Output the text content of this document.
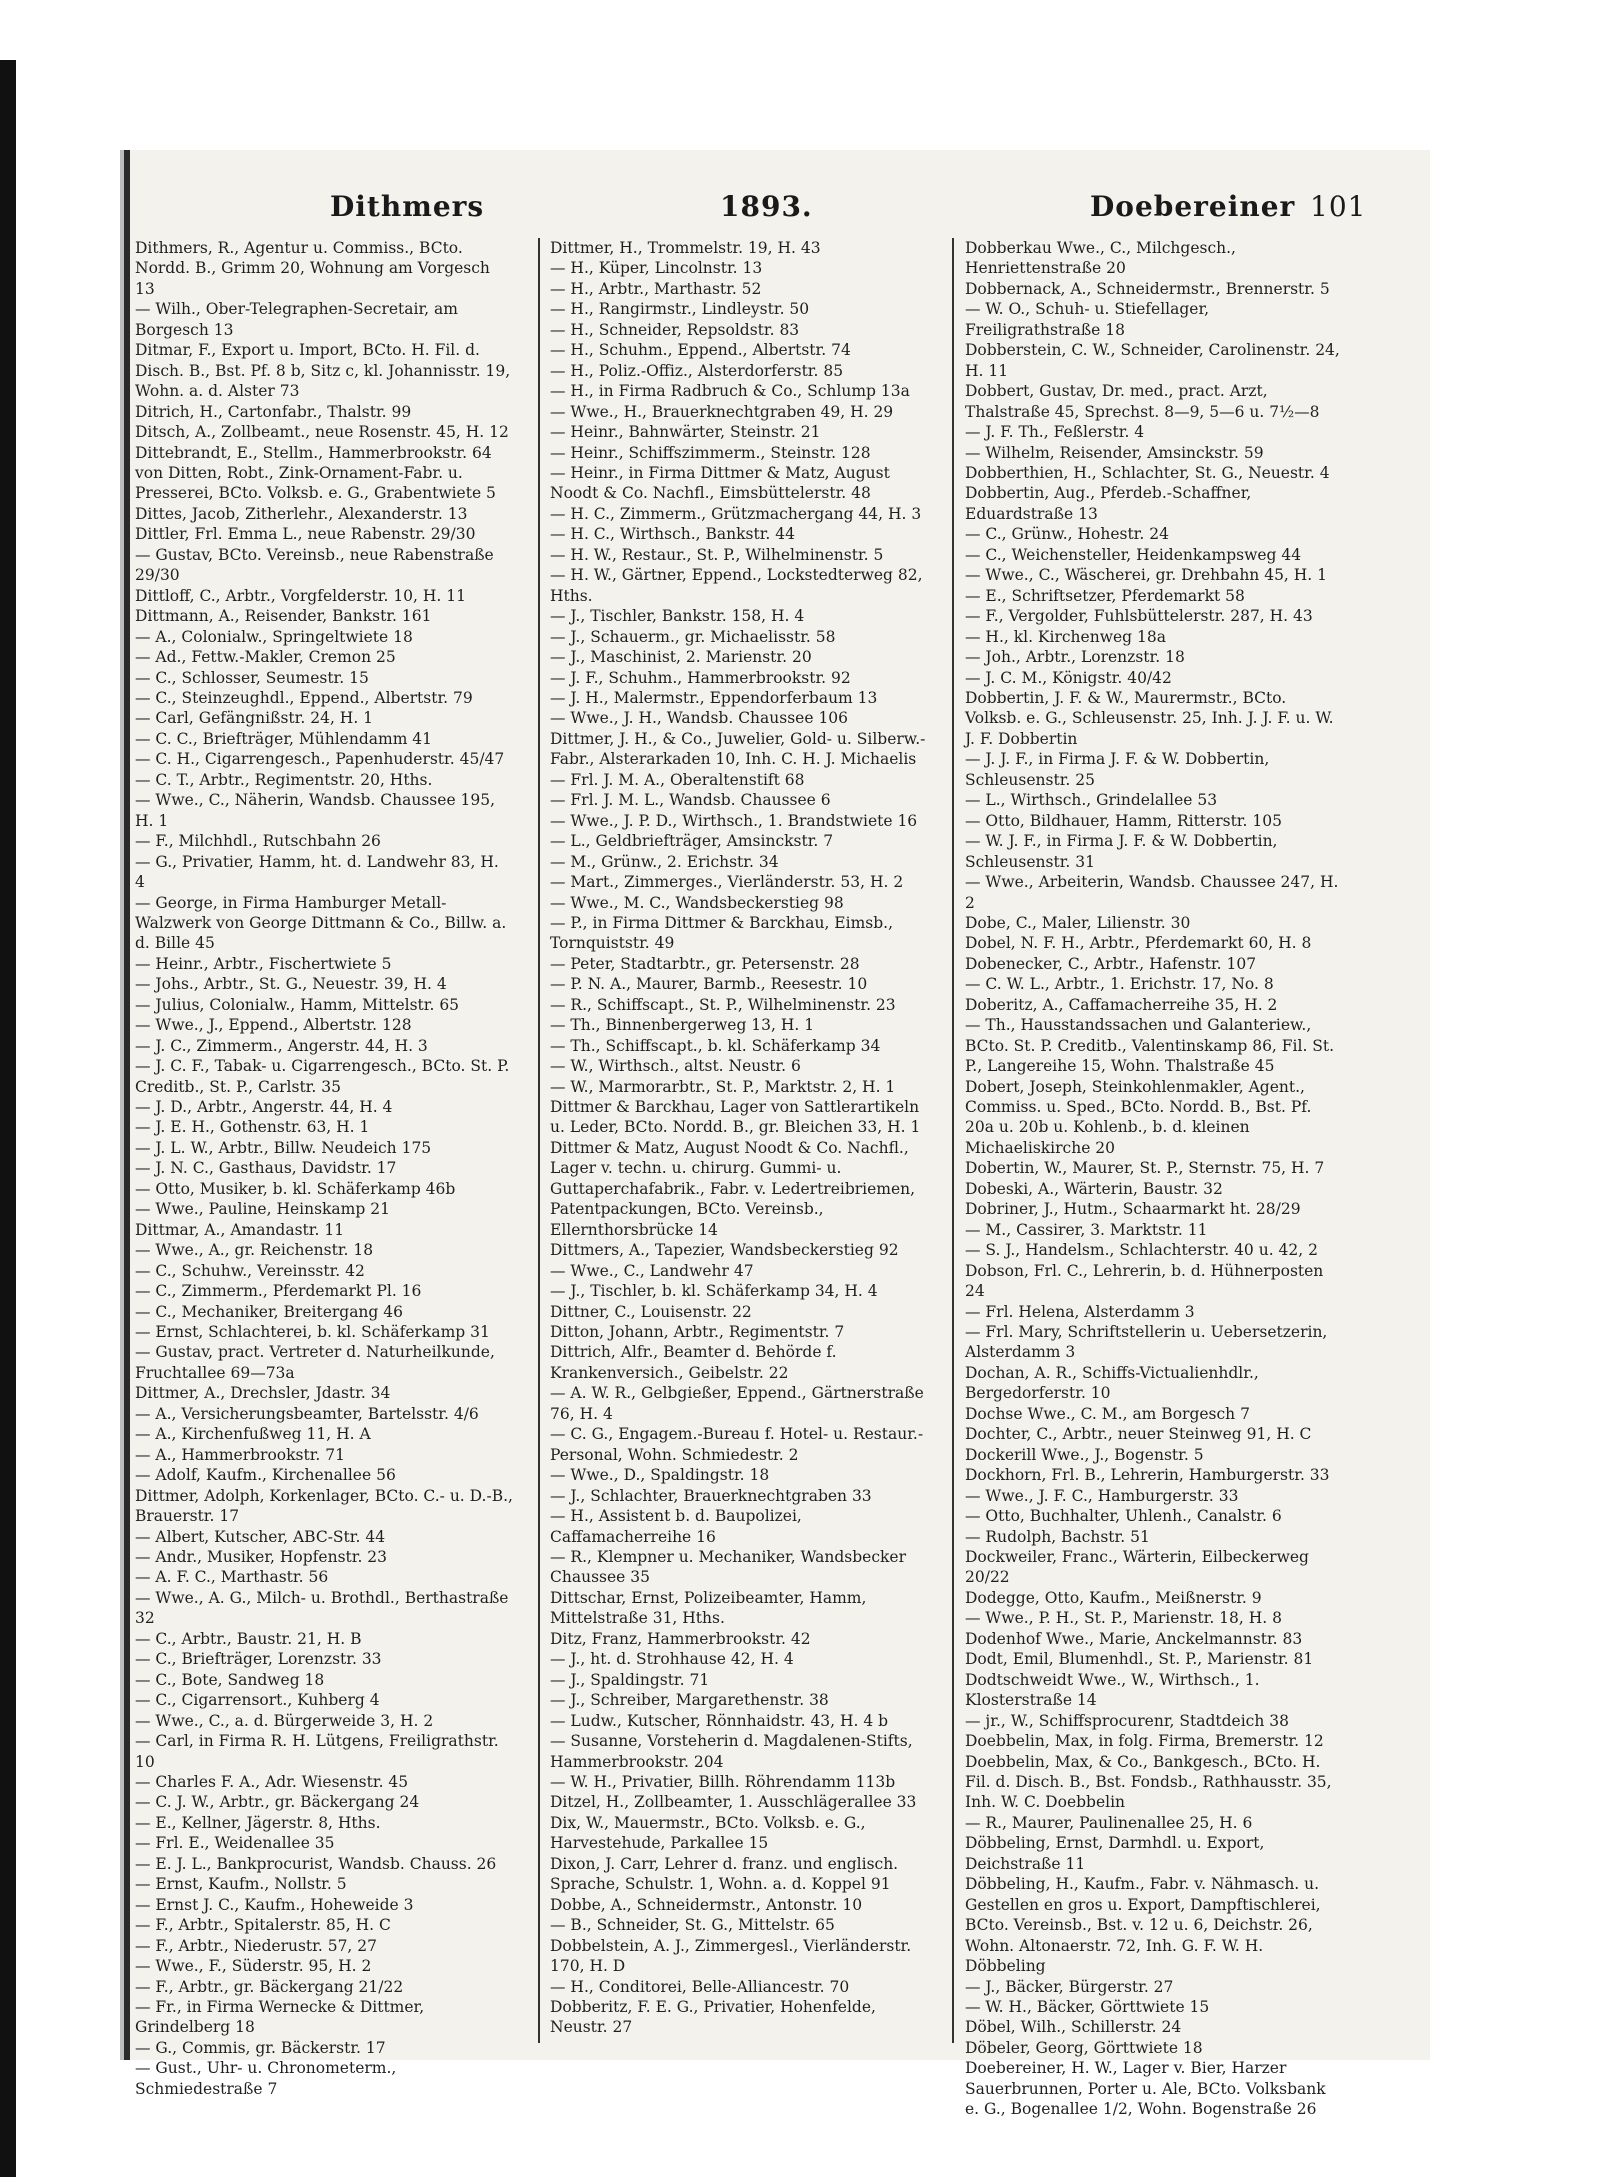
Dithmers	1893.	Doebereiner 101

Dithmers, R., Agentur u. Commiss., BCto. Nordd. B., Grimm 20, Wohnung am Vorgesch 13

— Wilh., Ober-Telegraphen-Secretair, am Borgesch 13

Ditmar, F., Export u. Import, BCto. H. Fil. d. Disch. B., Bst. Pf. 8 b, Sitz c, kl. Johannisstr. 19, Wohn. a. d. Alster 73

Ditrich, H., Cartonfabr., Thalstr. 99

Ditsch, A., Zollbeamt., neue Rosenstr. 45, H. 12

Dittebrandt, E., Stellm., Hammerbrookstr. 64

von Ditten, Robt., Zink-Ornament-Fabr. u. Presserei, BCto. Volksb. e. G., Grabentwiete 5

Dittes, Jacob, Zitherlehr., Alexanderstr. 13

Dittler, Frl. Emma L., neue Rabenstr. 29/30

— Gustav, BCto. Vereinsb., neue Rabenstraße 29/30

Dittloff, C., Arbtr., Vorgfelderstr. 10, H. 11

Dittmann, A., Reisender, Bankstr. 161

— A., Colonialw., Springeltwiete 18

— Ad., Fettw.-Makler, Cremon 25

— C., Schlosser, Seumestr. 15

— C., Steinzeughdl., Eppend., Albertstr. 79

— Carl, Gefängnißstr. 24, H. 1

— C. C., Briefträger, Mühlendamm 41

— C. H., Cigarrengesch., Papenhuderstr. 45/47

— C. T., Arbtr., Regimentstr. 20, Hths.

— Wwe., C., Näherin, Wandsb. Chaussee 195, H. 1

— F., Milchhdl., Rutschbahn 26

— G., Privatier, Hamm, ht. d. Landwehr 83, H. 4

— George, in Firma Hamburger Metall-Walzwerk von George Dittmann & Co., Billw. a. d. Bille 45

— Heinr., Arbtr., Fischertwiete 5

— Johs., Arbtr., St. G., Neuestr. 39, H. 4

— Julius, Colonialw., Hamm, Mittelstr. 65

— Wwe., J., Eppend., Albertstr. 128

— J. C., Zimmerm., Angerstr. 44, H. 3

— J. C. F., Tabak- u. Cigarrengesch., BCto. St. P. Creditb., St. P., Carlstr. 35

— J. D., Arbtr., Angerstr. 44, H. 4

— J. E. H., Gothenstr. 63, H. 1

— J. L. W., Arbtr., Billw. Neudeich 175

— J. N. C., Gasthaus, Davidstr. 17

— Otto, Musiker, b. kl. Schäferkamp 46b

— Wwe., Pauline, Heinskamp 21

Dittmar, A., Amandastr. 11

— Wwe., A., gr. Reichenstr. 18

— C., Schuhw., Vereinsstr. 42

— C., Zimmerm., Pferdemarkt Pl. 16

— C., Mechaniker, Breitergang 46

— Ernst, Schlachterei, b. kl. Schäferkamp 31

— Gustav, pract. Vertreter d. Naturheilkunde, Fruchtallee 69—73a

Dittmer, A., Drechsler, Jdastr. 34

— A., Versicherungsbeamter, Bartelsstr. 4/6

— A., Kirchenfußweg 11, H. A

— A., Hammerbrookstr. 71

— Adolf, Kaufm., Kirchenallee 56

Dittmer, Adolph, Korkenlager, BCto. C.- u. D.-B., Brauerstr. 17

— Albert, Kutscher, ABC-Str. 44

— Andr., Musiker, Hopfenstr. 23

— A. F. C., Marthastr. 56

— Wwe., A. G., Milch- u. Brothdl., Berthastraße 32

— C., Arbtr., Baustr. 21, H. B

— C., Briefträger, Lorenzstr. 33

— C., Bote, Sandweg 18

— C., Cigarrensort., Kuhberg 4

— Wwe., C., a. d. Bürgerweide 3, H. 2

— Carl, in Firma R. H. Lütgens, Freiligrathstr. 10

— Charles F. A., Adr. Wiesenstr. 45

— C. J. W., Arbtr., gr. Bäckergang 24

— E., Kellner, Jägerstr. 8, Hths.

— Frl. E., Weidenallee 35

— E. J. L., Bankprocurist, Wandsb. Chauss. 26

— Ernst, Kaufm., Nollstr. 5

— Ernst J. C., Kaufm., Hoheweide 3

— F., Arbtr., Spitalerstr. 85, H. C

— F., Arbtr., Niederustr. 57, 27

— Wwe., F., Süderstr. 95, H. 2

— F., Arbtr., gr. Bäckergang 21/22

— Fr., in Firma Wernecke & Dittmer, Grindelberg 18

— G., Commis, gr. Bäckerstr. 17

— Gust., Uhr- u. Chronometerm., Schmiedestraße 7

Dittmer, H., Trommelstr. 19, H. 43

— H., Küper, Lincolnstr. 13

— H., Arbtr., Marthastr. 52

— H., Rangirmstr., Lindleystr. 50

— H., Schneider, Repsoldstr. 83

— H., Schuhm., Eppend., Albertstr. 74

— H., Poliz.-Offiz., Alsterdorferstr. 85

— H., in Firma Radbruch & Co., Schlump 13a

— Wwe., H., Brauerknechtgraben 49, H. 29

— Heinr., Bahnwärter, Steinstr. 21

— Heinr., Schiffszimmerm., Steinstr. 128

— Heinr., in Firma Dittmer & Matz, August Noodt & Co. Nachfl., Eimsbüttelerstr. 48

— H. C., Zimmerm., Grützmachergang 44, H. 3

— H. C., Wirthsch., Bankstr. 44

— H. W., Restaur., St. P., Wilhelminenstr. 5

— H. W., Gärtner, Eppend., Lockstedterweg 82, Hths.

— J., Tischler, Bankstr. 158, H. 4

— J., Schauerm., gr. Michaelisstr. 58

— J., Maschinist, 2. Marienstr. 20

— J. F., Schuhm., Hammerbrookstr. 92

— J. H., Malermstr., Eppendorferbaum 13

— Wwe., J. H., Wandsb. Chaussee 106

Dittmer, J. H., & Co., Juwelier, Gold- u. Silberw.-Fabr., Alsterarkaden 10, Inh. C. H. J. Michaelis

— Frl. J. M. A., Oberaltenstift 68

— Frl. J. M. L., Wandsb. Chaussee 6

— Wwe., J. P. D., Wirthsch., 1. Brandstwiete 16

— L., Geldbriefträger, Amsinckstr. 7

— M., Grünw., 2. Erichstr. 34

— Mart., Zimmerges., Vierländerstr. 53, H. 2

— Wwe., M. C., Wandsbeckerstieg 98

— P., in Firma Dittmer & Barckhau, Eimsb., Tornquiststr. 49

— Peter, Stadtarbtr., gr. Petersenstr. 28

— P. N. A., Maurer, Barmb., Reesestr. 10

— R., Schiffscapt., St. P., Wilhelminenstr. 23

— Th., Binnenbergerweg 13, H. 1

— Th., Schiffscapt., b. kl. Schäferkamp 34

— W., Wirthsch., altst. Neustr. 6

— W., Marmorarbtr., St. P., Marktstr. 2, H. 1

Dittmer & Barckhau, Lager von Sattlerartikeln u. Leder, BCto. Nordd. B., gr. Bleichen 33, H. 1

Dittmer & Matz, August Noodt & Co. Nachfl., Lager v. techn. u. chirurg. Gummi- u. Guttaperchafabrik., Fabr. v. Ledertreibriemen, Patentpackungen, BCto. Vereinsb., Ellernthorsbrücke 14

Dittmers, A., Tapezier, Wandsbeckerstieg 92

— Wwe., C., Landwehr 47

— J., Tischler, b. kl. Schäferkamp 34, H. 4

Dittner, C., Louisenstr. 22

Ditton, Johann, Arbtr., Regimentstr. 7

Dittrich, Alfr., Beamter d. Behörde f. Krankenversich., Geibelstr. 22

— A. W. R., Gelbgießer, Eppend., Gärtnerstraße 76, H. 4

— C. G., Engagem.-Bureau f. Hotel- u. Restaur.-Personal, Wohn. Schmiedestr. 2

— Wwe., D., Spaldingstr. 18

— J., Schlachter, Brauerknechtgraben 33

— H., Assistent b. d. Baupolizei, Caffamacherreihe 16

— R., Klempner u. Mechaniker, Wandsbecker Chaussee 35

Dittschar, Ernst, Polizeibeamter, Hamm, Mittelstraße 31, Hths.

Ditz, Franz, Hammerbrookstr. 42

— J., ht. d. Strohhause 42, H. 4

— J., Spaldingstr. 71

— J., Schreiber, Margarethenstr. 38

— Ludw., Kutscher, Rönnhaidstr. 43, H. 4 b

— Susanne, Vorsteherin d. Magdalenen-Stifts, Hammerbrookstr. 204

— W. H., Privatier, Billh. Röhrendamm 113b

Ditzel, H., Zollbeamter, 1. Ausschlägerallee 33

Dix, W., Mauermstr., BCto. Volksb. e. G., Harvestehude, Parkallee 15

Dixon, J. Carr, Lehrer d. franz. und englisch. Sprache, Schulstr. 1, Wohn. a. d. Koppel 91

Dobbe, A., Schneidermstr., Antonstr. 10

— B., Schneider, St. G., Mittelstr. 65

Dobbelstein, A. J., Zimmergesl., Vierländerstr. 170, H. D

— H., Conditorei, Belle-Alliancestr. 70

Dobberitz, F. E. G., Privatier, Hohenfelde, Neustr. 27

Dobberkau Wwe., C., Milchgesch., Henriettenstraße 20

Dobbernack, A., Schneidermstr., Brennerstr. 5

— W. O., Schuh- u. Stiefellager, Freiligrathstraße 18

Dobberstein, C. W., Schneider, Carolinenstr. 24, H. 11

Dobbert, Gustav, Dr. med., pract. Arzt, Thalstraße 45, Sprechst. 8—9, 5—6 u. 7½—8

— J. F. Th., Feßlerstr. 4

— Wilhelm, Reisender, Amsinckstr. 59

Dobberthien, H., Schlachter, St. G., Neuestr. 4

Dobbertin, Aug., Pferdeb.-Schaffner, Eduardstraße 13

— C., Grünw., Hohestr. 24

— C., Weichensteller, Heidenkampsweg 44

— Wwe., C., Wäscherei, gr. Drehbahn 45, H. 1

— E., Schriftsetzer, Pferdemarkt 58

— F., Vergolder, Fuhlsbüttelerstr. 287, H. 43

— H., kl. Kirchenweg 18a

— Joh., Arbtr., Lorenzstr. 18

— J. C. M., Königstr. 40/42

Dobbertin, J. F. & W., Maurermstr., BCto. Volksb. e. G., Schleusenstr. 25, Inh. J. J. F. u. W. J. F. Dobbertin

— J. J. F., in Firma J. F. & W. Dobbertin, Schleusenstr. 25

— L., Wirthsch., Grindelallee 53

— Otto, Bildhauer, Hamm, Ritterstr. 105

— W. J. F., in Firma J. F. & W. Dobbertin, Schleusenstr. 31

— Wwe., Arbeiterin, Wandsb. Chaussee 247, H. 2

Dobe, C., Maler, Lilienstr. 30

Dobel, N. F. H., Arbtr., Pferdemarkt 60, H. 8

Dobenecker, C., Arbtr., Hafenstr. 107

— C. W. L., Arbtr., 1. Erichstr. 17, No. 8

Doberitz, A., Caffamacherreihe 35, H. 2

— Th., Hausstandssachen und Galanteriew., BCto. St. P. Creditb., Valentinskamp 86, Fil. St. P., Langereihe 15, Wohn. Thalstraße 45

Dobert, Joseph, Steinkohlenmakler, Agent., Commiss. u. Sped., BCto. Nordd. B., Bst. Pf. 20a u. 20b u. Kohlenb., b. d. kleinen Michaeliskirche 20

Dobertin, W., Maurer, St. P., Sternstr. 75, H. 7

Dobeski, A., Wärterin, Baustr. 32

Dobriner, J., Hutm., Schaarmarkt ht. 28/29

— M., Cassirer, 3. Marktstr. 11

— S. J., Handelsm., Schlachterstr. 40 u. 42, 2

Dobson, Frl. C., Lehrerin, b. d. Hühnerposten 24

— Frl. Helena, Alsterdamm 3

— Frl. Mary, Schriftstellerin u. Uebersetzerin, Alsterdamm 3

Dochan, A. R., Schiffs-Victualienhdlr., Bergedorferstr. 10

Dochse Wwe., C. M., am Borgesch 7

Dochter, C., Arbtr., neuer Steinweg 91, H. C

Dockerill Wwe., J., Bogenstr. 5

Dockhorn, Frl. B., Lehrerin, Hamburgerstr. 33

— Wwe., J. F. C., Hamburgerstr. 33

— Otto, Buchhalter, Uhlenh., Canalstr. 6

— Rudolph, Bachstr. 51

Dockweiler, Franc., Wärterin, Eilbeckerweg 20/22

Dodegge, Otto, Kaufm., Meißnerstr. 9

— Wwe., P. H., St. P., Marienstr. 18, H. 8

Dodenhof Wwe., Marie, Anckelmannstr. 83

Dodt, Emil, Blumenhdl., St. P., Marienstr. 81

Dodtschweidt Wwe., W., Wirthsch., 1. Klosterstraße 14

— jr., W., Schiffsprocurenr, Stadtdeich 38

Doebbelin, Max, in folg. Firma, Bremerstr. 12

Doebbelin, Max, & Co., Bankgesch., BCto. H. Fil. d. Disch. B., Bst. Fondsb., Rathhausstr. 35, Inh. W. C. Doebbelin

— R., Maurer, Paulinenallee 25, H. 6

Döbbeling, Ernst, Darmhdl. u. Export, Deichstraße 11

Döbbeling, H., Kaufm., Fabr. v. Nähmasch. u. Gestellen en gros u. Export, Dampftischlerei, BCto. Vereinsb., Bst. v. 12 u. 6, Deichstr. 26, Wohn. Altonaerstr. 72, Inh. G. F. W. H. Döbbeling

— J., Bäcker, Bürgerstr. 27

— W. H., Bäcker, Görttwiete 15

Döbel, Wilh., Schillerstr. 24

Döbeler, Georg, Görttwiete 18

Doebereiner, H. W., Lager v. Bier, Harzer Sauerbrunnen, Porter u. Ale, BCto. Volksbank e. G., Bogenallee 1/2, Wohn. Bogenstraße 26
